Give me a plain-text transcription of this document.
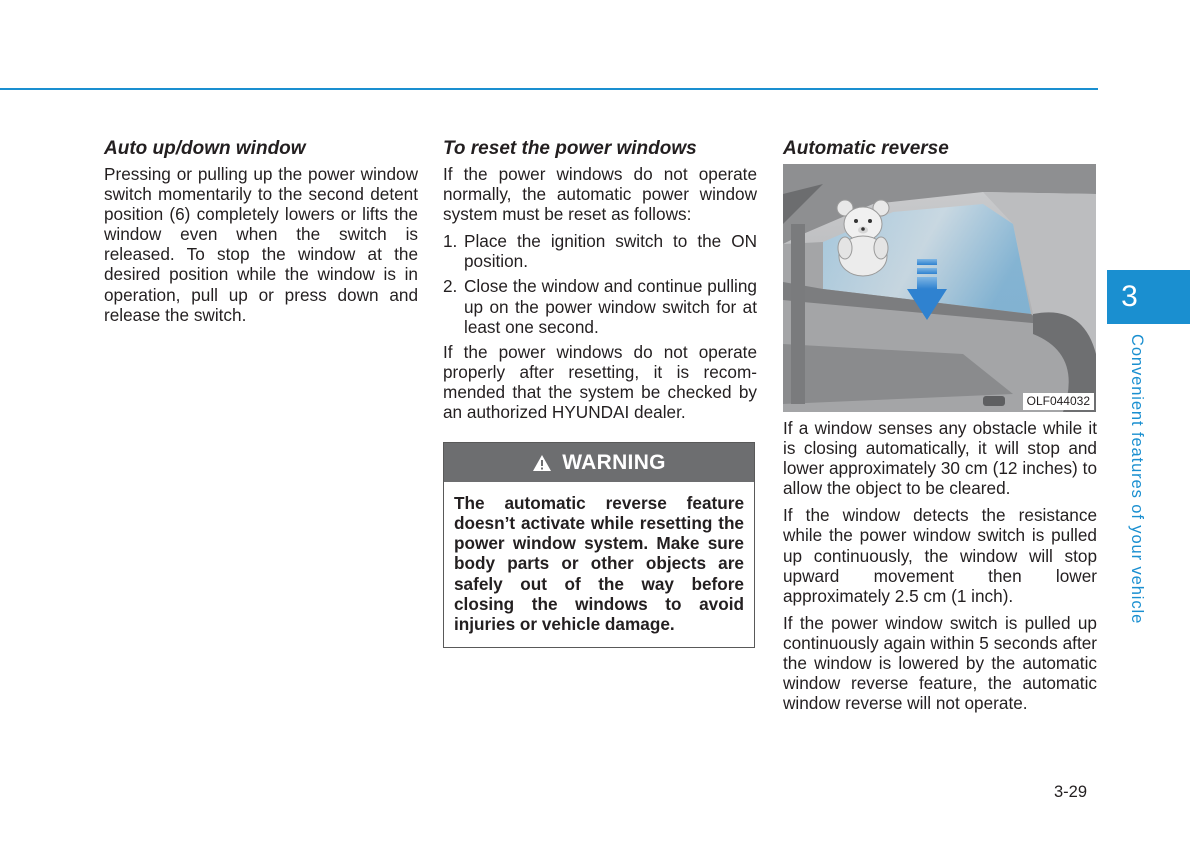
Auto up/down window

Pressing or pulling up the power window switch momentarily to the second detent position (6) completely lowers or lifts the window even when the switch is released. To stop the window at the desired position while the window is in operation, pull up or press down and release the switch.

To reset the power windows

If the power windows do not operate normally, the automatic power window system must be reset as follows:

1. Place the ignition switch to the ON position.
2. Close the window and continue pulling up on the power window switch for at least one second.

If the power windows do not operate properly after resetting, it is recommended that the system be checked by an authorized HYUNDAI dealer.

WARNING
The automatic reverse feature doesn’t activate while resetting the power window system. Make sure body parts or other objects are safely out of the way before closing the windows to avoid injuries or vehicle damage.
Automatic reverse
OLF044032

If a window senses any obstacle while it is closing automatically, it will stop and lower approximately 30 cm (12 inches) to allow the object to be cleared.

If the window detects the resistance while the power window switch is pulled up continuously, the window will stop upward movement then lower approximately 2.5 cm (1 inch).

If the power window switch is pulled up continuously again within 5 seconds after the window is lowered by the automatic window reverse feature, the automatic window reverse will not operate.

3
Convenient features of your vehicle
3-29
